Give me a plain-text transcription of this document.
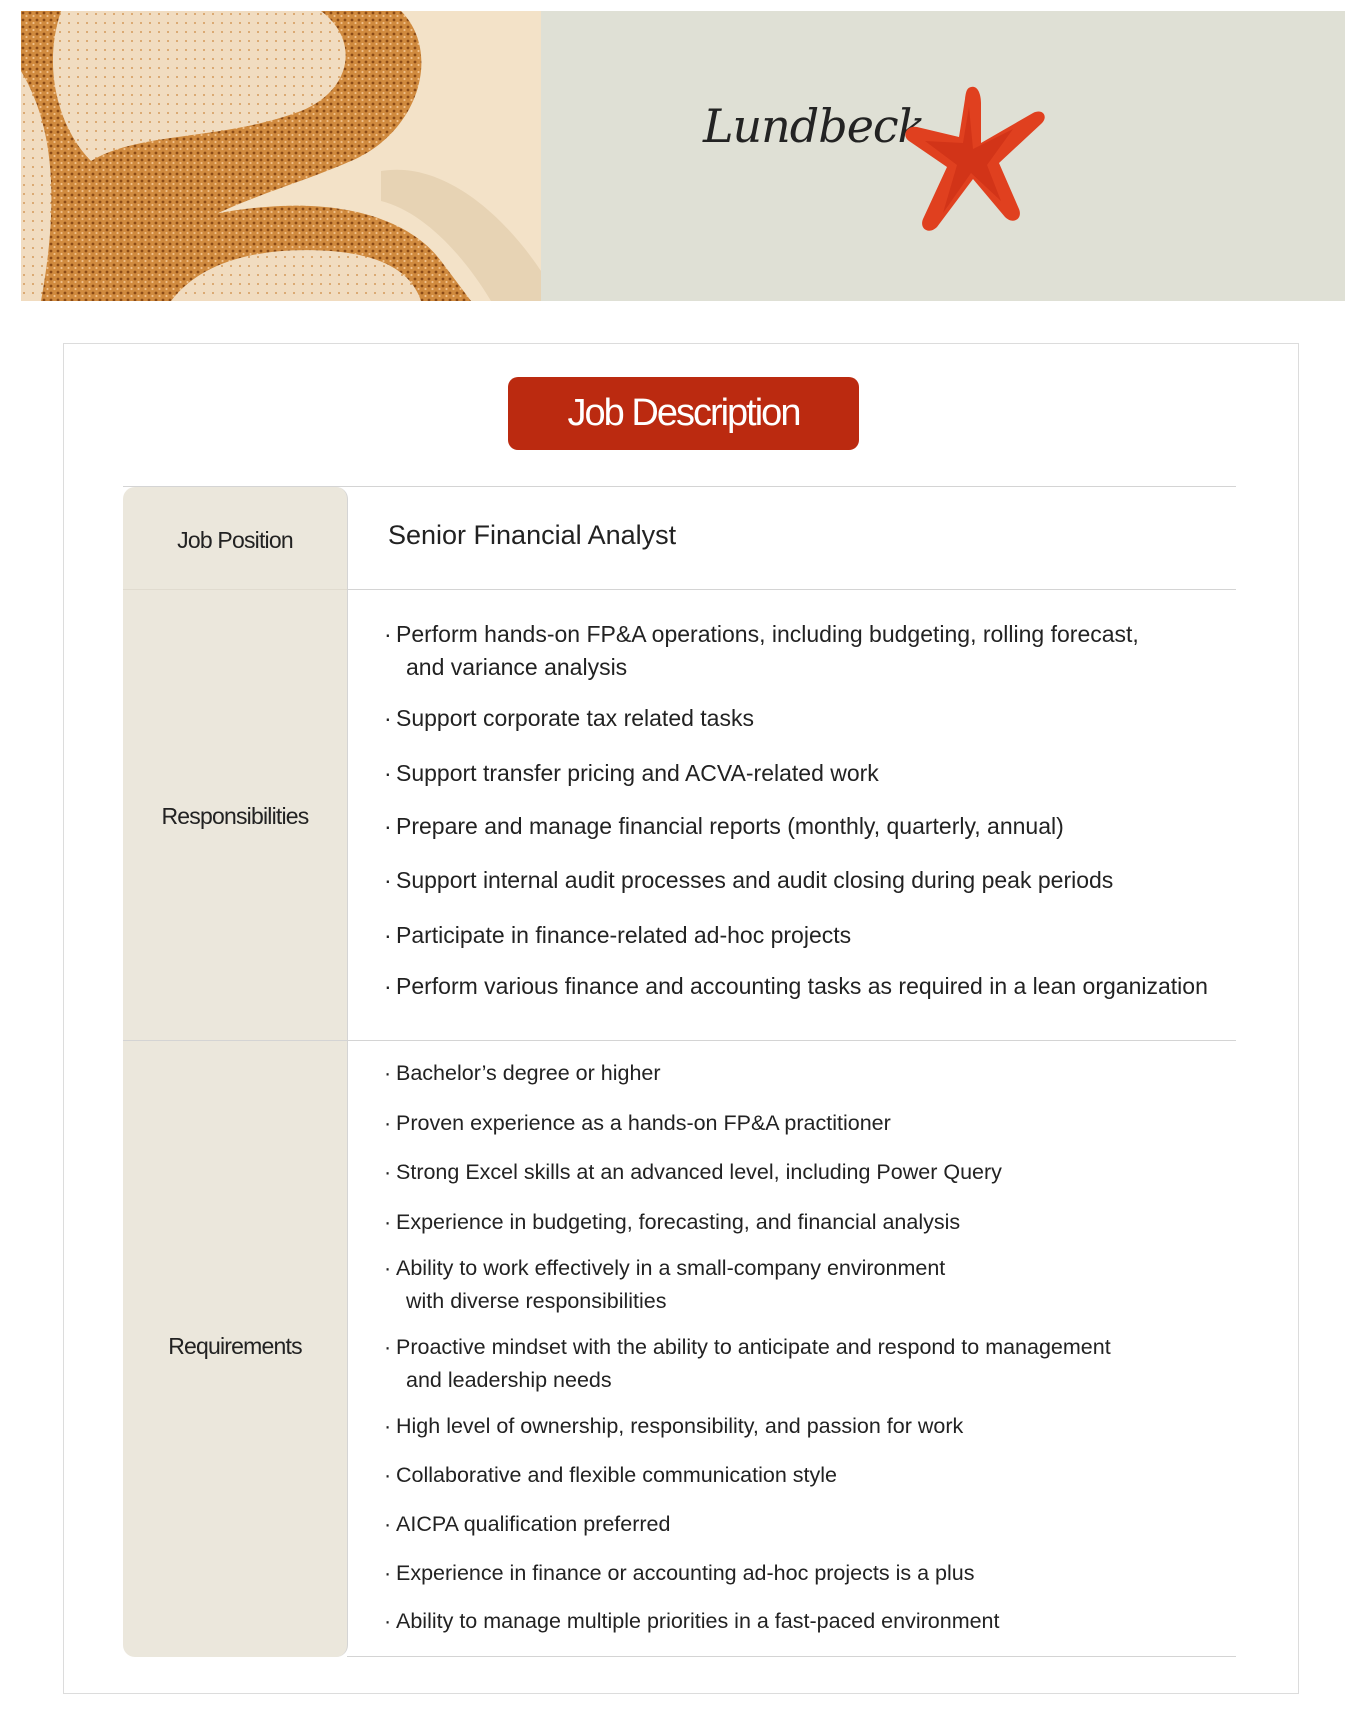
Lundbeck
Job Description
Job Position	Senior Financial Analyst
Responsibilities
· Perform hands-on FP&A operations, including budgeting, rolling forecast,
and variance analysis
· Support corporate tax related tasks
· Support transfer pricing and ACVA-related work
· Prepare and manage financial reports (monthly, quarterly, annual)
· Support internal audit processes and audit closing during peak periods
· Participate in finance-related ad-hoc projects
· Perform various finance and accounting tasks as required in a lean organization
Requirements
· Bachelor’s degree or higher
· Proven experience as a hands-on FP&A practitioner
· Strong Excel skills at an advanced level, including Power Query
· Experience in budgeting, forecasting, and financial analysis
· Ability to work effectively in a small-company environment
with diverse responsibilities
· Proactive mindset with the ability to anticipate and respond to management
and leadership needs
· High level of ownership, responsibility, and passion for work
· Collaborative and flexible communication style
· AICPA qualification preferred
· Experience in finance or accounting ad-hoc projects is a plus
· Ability to manage multiple priorities in a fast-paced environment
